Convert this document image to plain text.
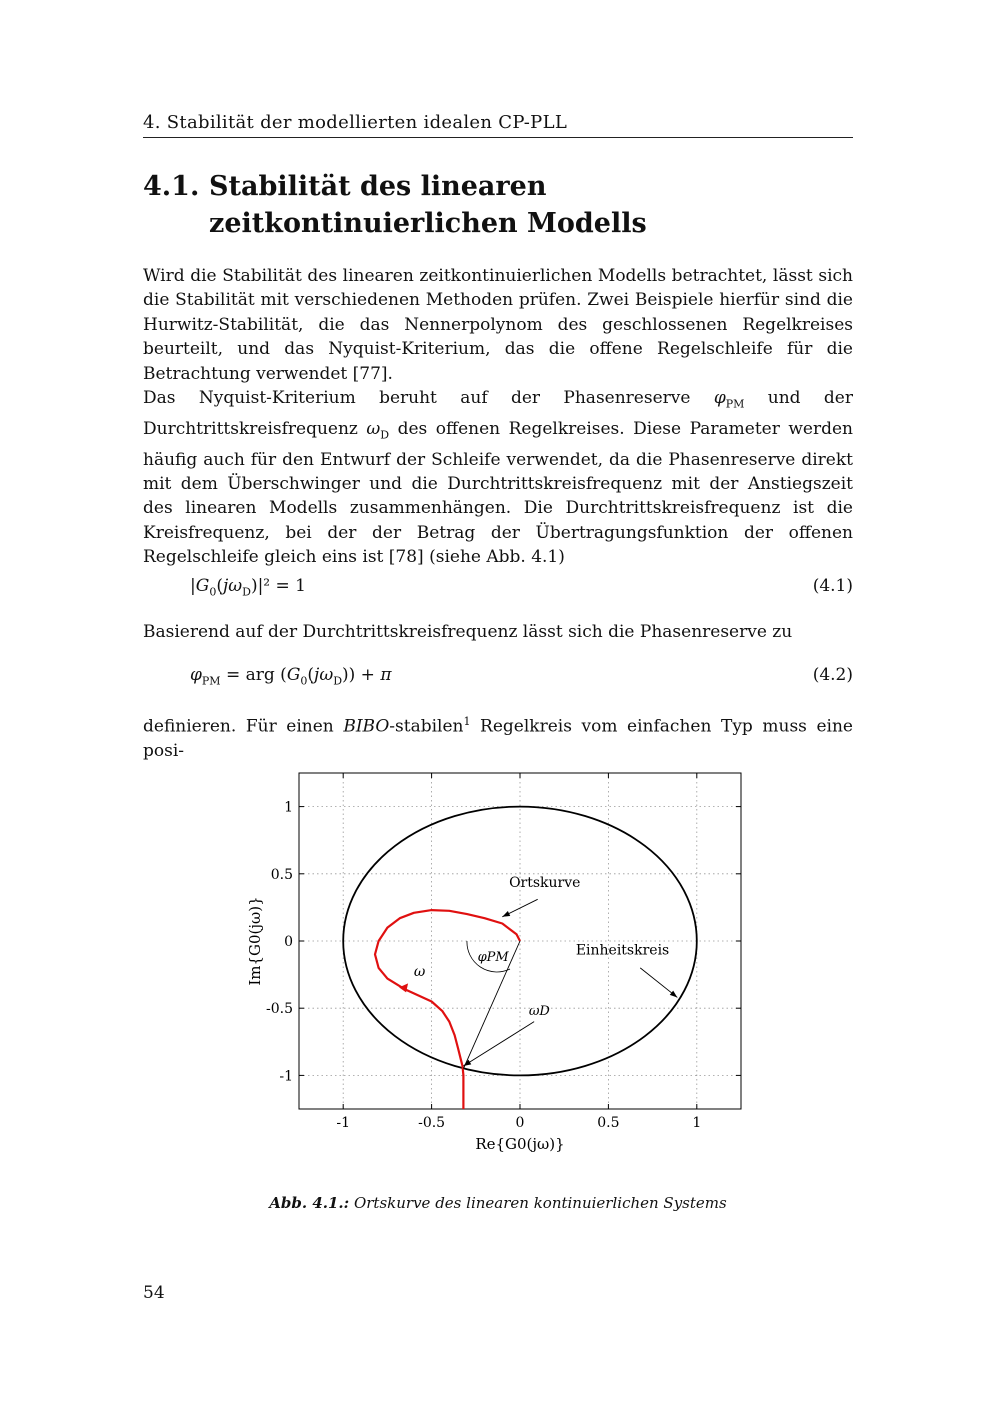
4. Stabilität der modellierten idealen CP-PLL
4.1. Stabilität des linearen zeitkontinuierlichen Modells

Wird die Stabilität des linearen zeitkontinuierlichen Modells betrachtet, lässt sich die Stabilität mit verschiedenen Methoden prüfen. Zwei Beispiele hierfür sind die Hurwitz-Stabilität, die das Nennerpolynom des geschlossenen Regelkreises beurteilt, und das Nyquist-Kriterium, das die offene Regelschleife für die Betrachtung verwendet [77].

Das Nyquist-Kriterium beruht auf der Phasenreserve $\varphi_{PM}$ und der Durchtrittskreisfrequenz $\omega_D$ des offenen Regelkreises. Diese Parameter werden häufig auch für den Entwurf der Schleife verwendet, da die Phasenreserve direkt mit dem Überschwinger und die Durchtrittskreisfrequenz mit der Anstiegszeit des linearen Modells zusammenhängen. Die Durchtrittskreisfrequenz ist die Kreisfrequenz, bei der der Betrag der Übertragungsfunktion der offenen Regelschleife gleich eins ist [78] (siehe Abb. 4.1)

$|G_0(j\omega_D)|^2 = 1$	(4.1)

Basierend auf der Durchtrittskreisfrequenz lässt sich die Phasenreserve zu

$\varphi_{PM}$ = arg $(G_0(j\omega_D)) + \pi$	(4.2)

definieren. Für einen BIBO-stabilen$^1$ Regelkreis vom einfachen Typ muss eine posi-

-1	-0.5	0	0.5	1
-1
-0.5
0
0.5
1
Re{G0(jω)}
Im{G0(jω)}
Ortskurve
Einheitskreis
ω
φPM
ωD
Abb. 4.1.: Ortskurve des linearen kontinuierlichen Systems
54
